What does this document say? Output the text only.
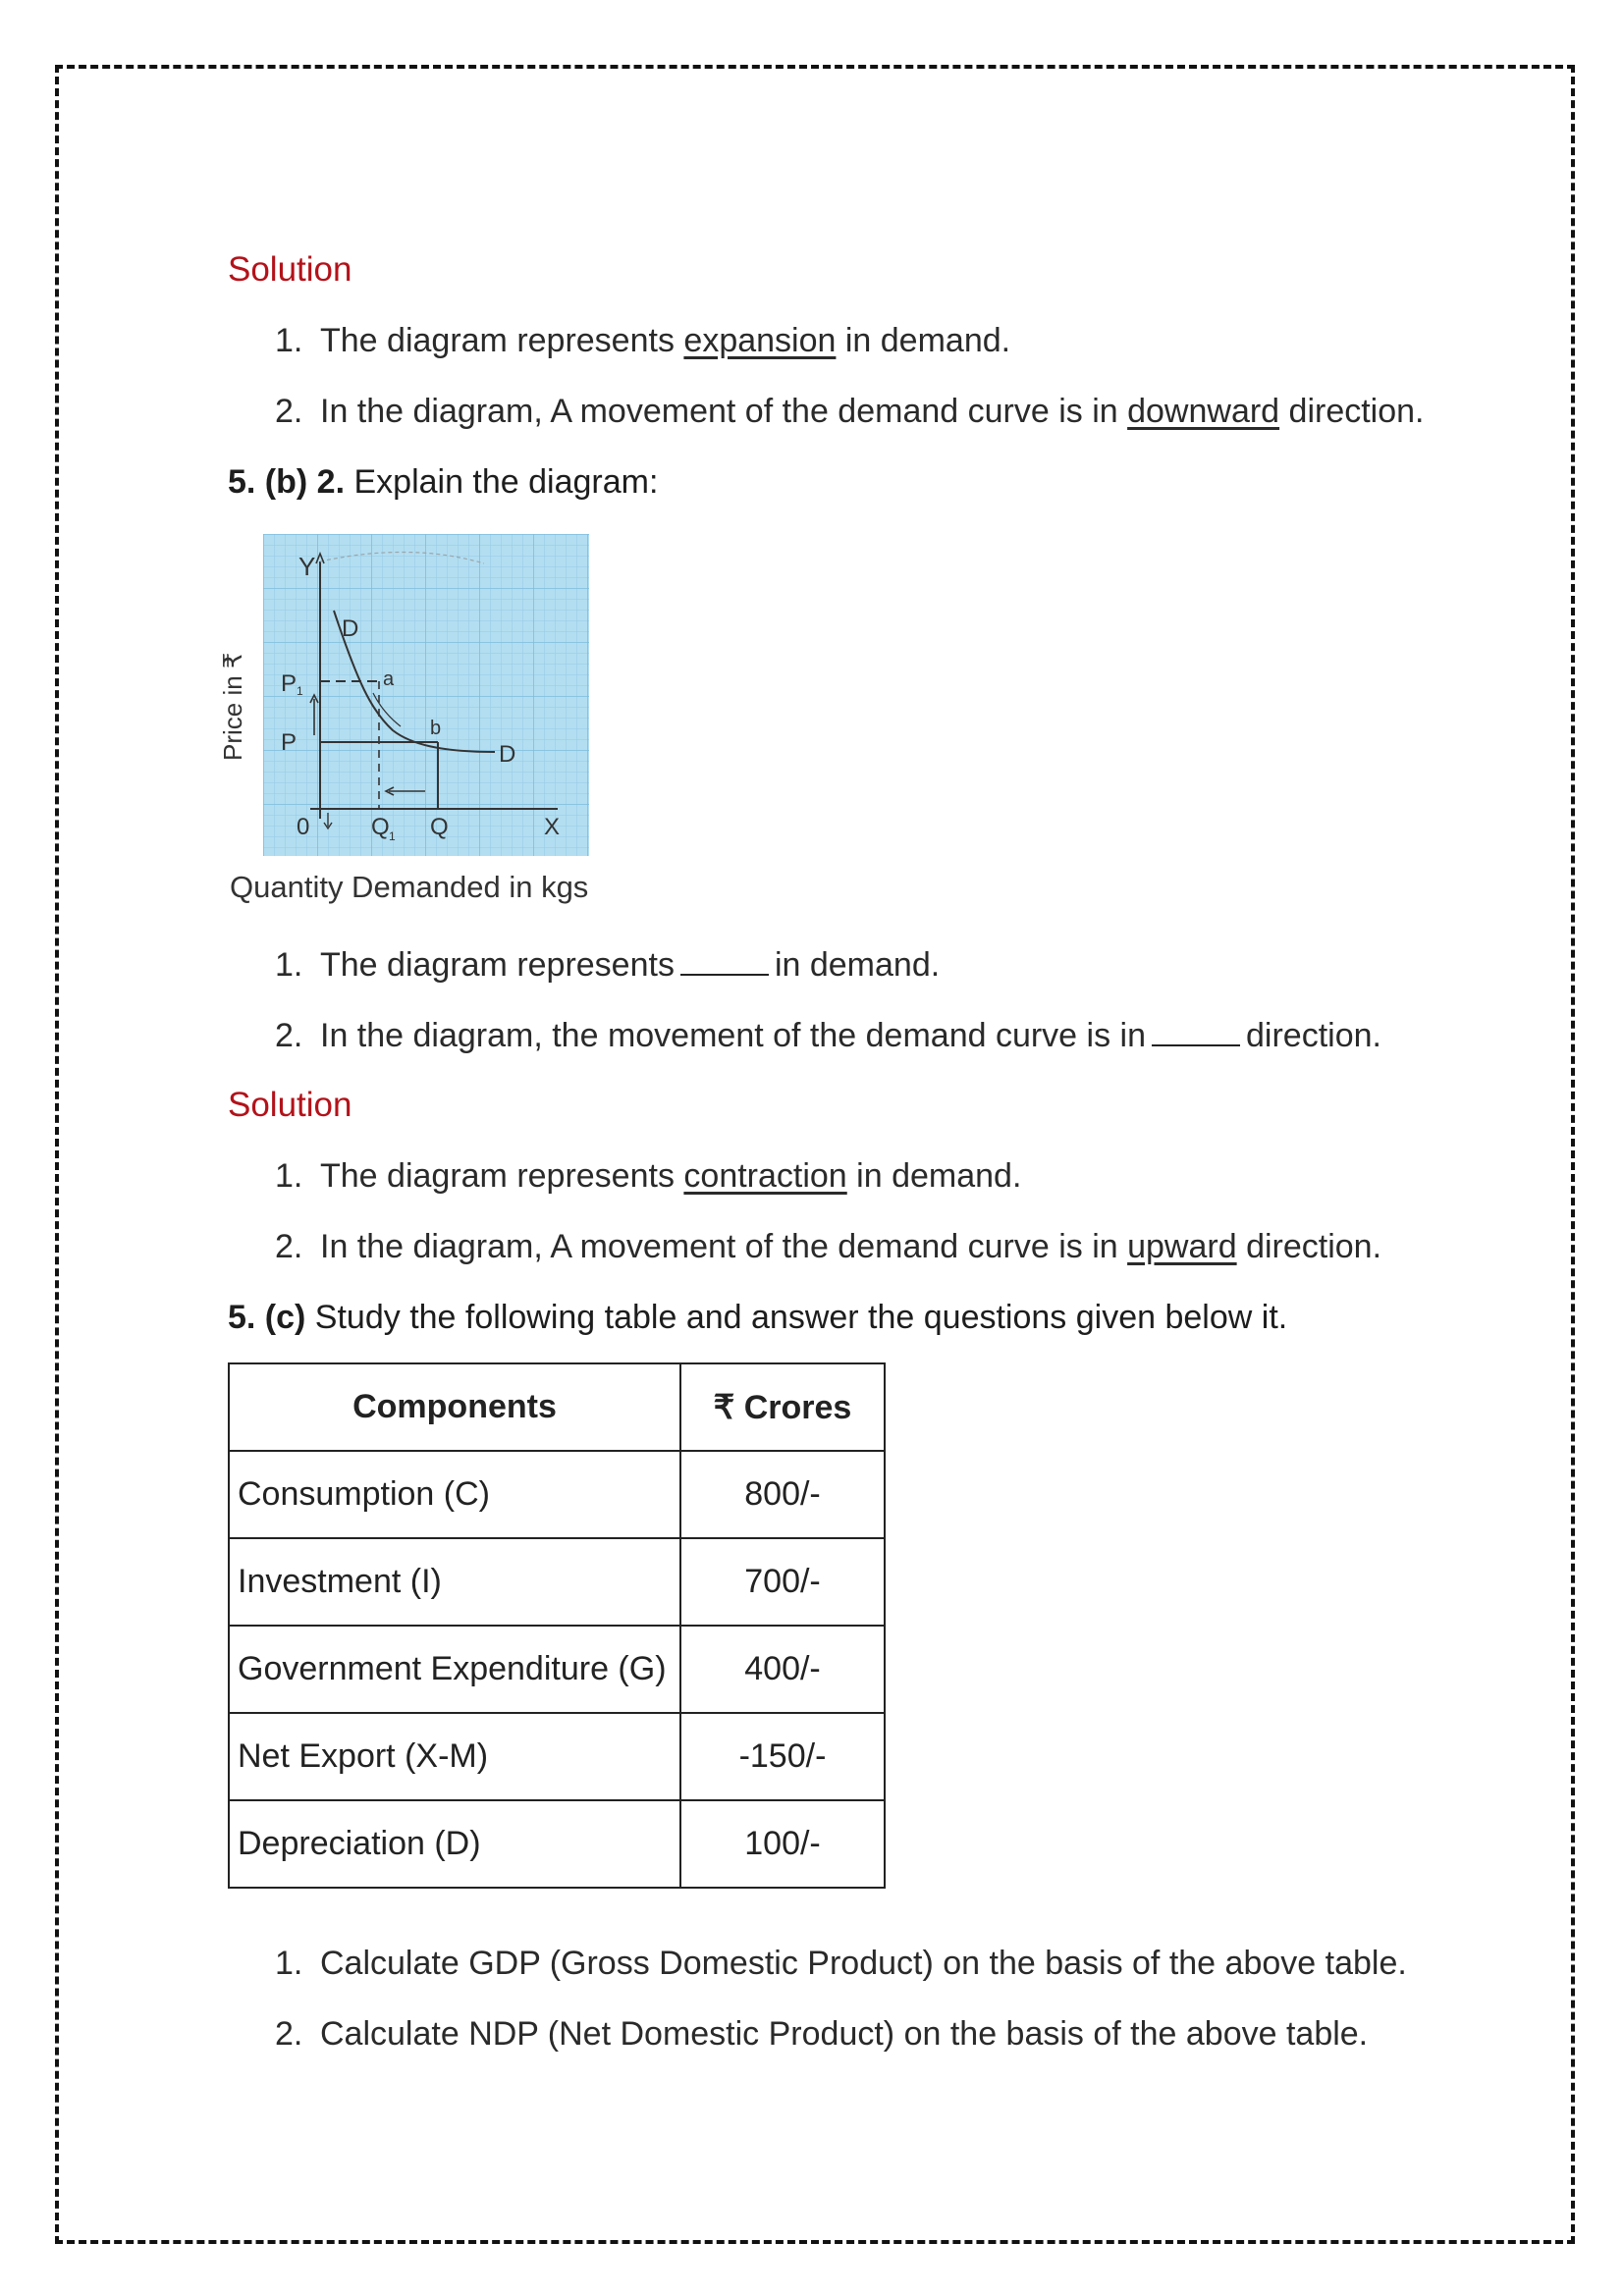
Solution
1. The diagram represents expansion in demand.
2. In the diagram, A movement of the demand curve is in downward direction.
5. (b) 2. Explain the diagram:
Price in ₹
Y
D
P 1
a
P
b
D
0	Q 1 Q	X
Quantity Demanded in kgs
1. The diagram represents	in demand.
2. In the diagram, the movement of the demand curve is in	direction.
Solution
1. The diagram represents contraction in demand.
2. In the diagram, A movement of the demand curve is in upward direction.
5. (c) Study the following table and answer the questions given below it.
Components	₹ Crores
Consumption (C)	800/-
Investment (I)	700/-
Government Expenditure (G)	400/-
Net Export (X-M)	-150/-
Depreciation (D)	100/-
1. Calculate GDP (Gross Domestic Product) on the basis of the above table.
2. Calculate NDP (Net Domestic Product) on the basis of the above table.
